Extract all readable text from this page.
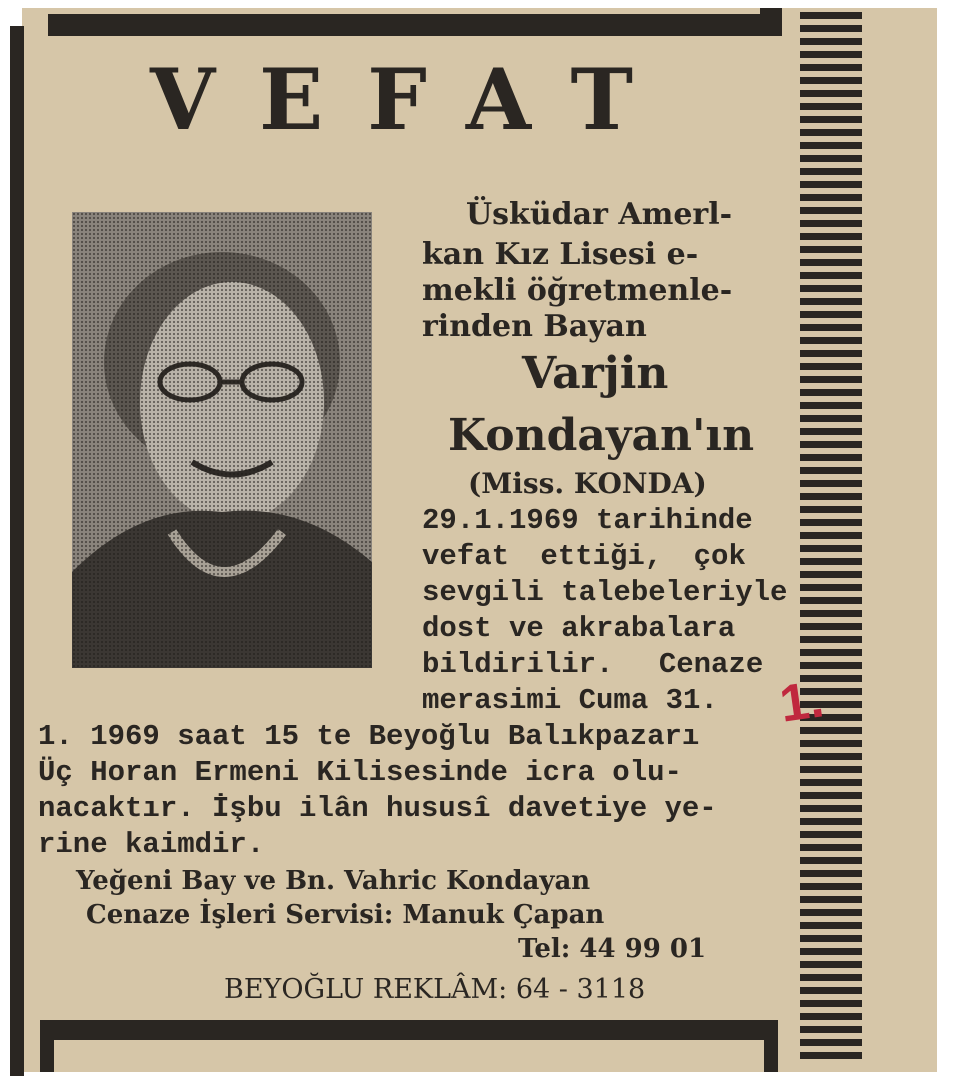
VEFAT
Üsküdar Amerl-
kan Kız Lisesi e-
mekli öğretmenle-
rinden Bayan
Varjin
Kondayan'ın
(Miss. KONDA)
29.1.1969 tarihinde
vefat ettiği, çok
sevgili talebeleriyle
dost ve akrabalara
bildirilir. Cenaze
merasimi Cuma 31.
1. 1969 saat 15 te Beyoğlu Balıkpazarı
Üç Horan Ermeni Kilisesinde icra olu-
nacaktır. İşbu ilân hususî davetiye ye-
rine kaimdir.
Yeğeni Bay ve Bn. Vahric Kondayan
Cenaze İşleri Servisi: Manuk Çapan
Tel: 44 99 01
BEYOĞLU REKLÂM: 64 - 3118
1.
